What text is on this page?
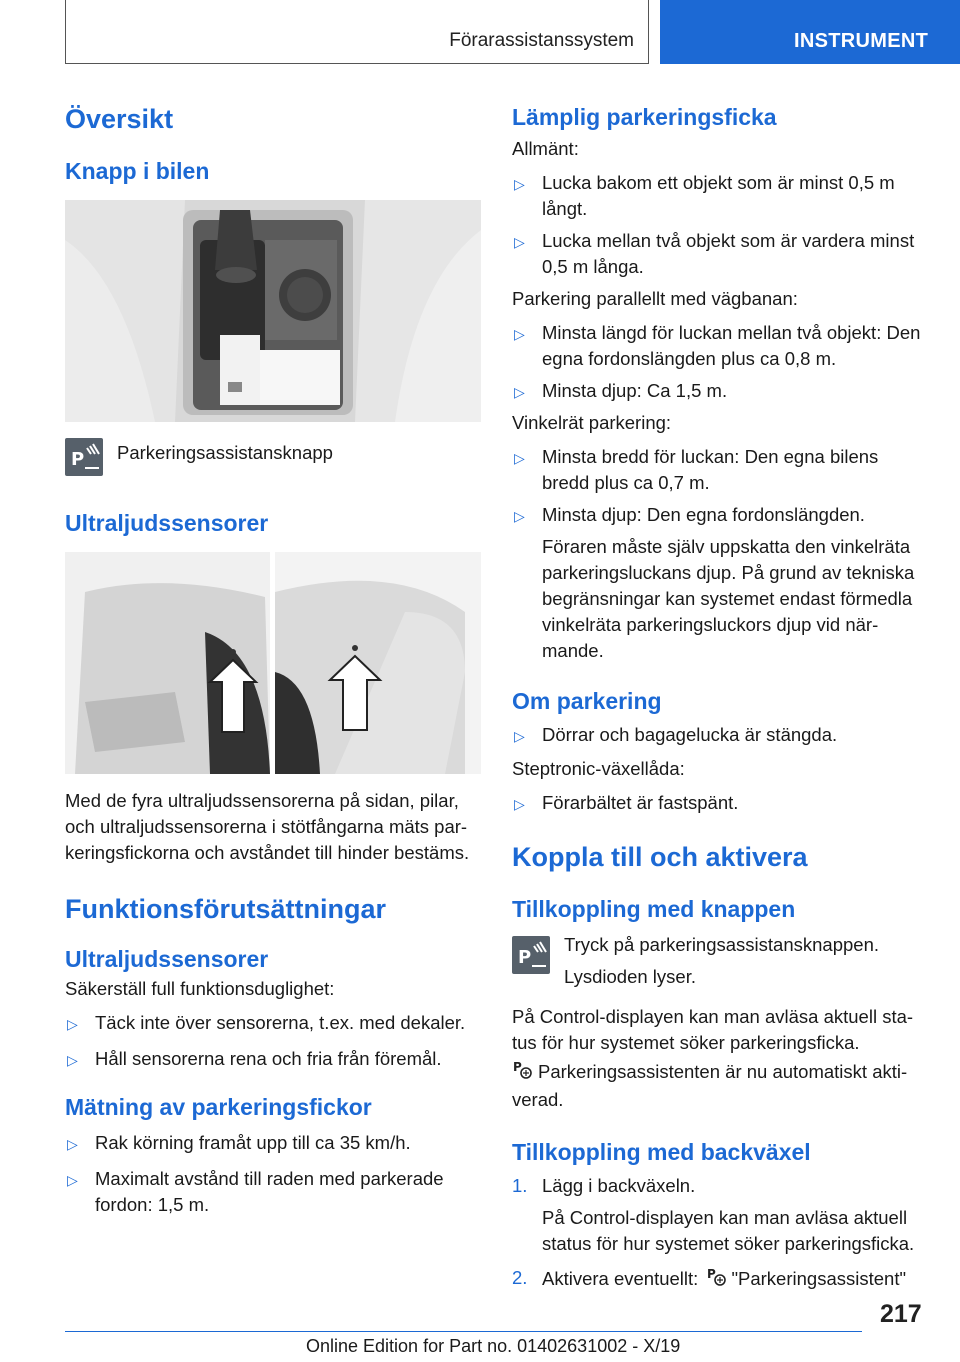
Förarassistanssystem	INSTRUMENT
Översikt
Knapp i bilen
P	Parkeringsassistansknapp
Ultraljudssensorer
Med de fyra ultraljudssensorerna på sidan, pilar, och ultraljudssensorerna i stötfångarna mäts parkeringsfickorna och avståndet till hinder bestäms.
Funktionsförutsättningar
Ultraljudssensorer
Säkerställ full funktionsduglighet:
▷ Täck inte över sensorerna, t.ex. med dekaler.
▷ Håll sensorerna rena och fria från föremål.
Mätning av parkeringsfickor
▷ Rak körning framåt upp till ca 35 km/h.
▷ Maximalt avstånd till raden med parkerade fordon: 1,5 m.
Lämplig parkeringsficka
Allmänt:
▷ Lucka bakom ett objekt som är minst 0,5 m långt.
▷ Lucka mellan två objekt som är vardera minst 0,5 m långa.
Parkering parallellt med vägbanan:
▷ Minsta längd för luckan mellan två objekt: Den egna fordonslängden plus ca 0,8 m.
▷ Minsta djup: Ca 1,5 m.
Vinkelrät parkering:
▷ Minsta bredd för luckan: Den egna bilens bredd plus ca 0,7 m.
▷ Minsta djup: Den egna fordonslängden.
Föraren måste själv uppskatta den vinkelräta parkeringsluckans djup. På grund av tekniska begränsningar kan systemet endast förmedla vinkelräta parkeringsluckors djup vid närmande.
Om parkering
▷ Dörrar och bagagelucka är stängda.
Steptronic-växellåda:
▷ Förarbältet är fastspänt.
Koppla till och aktivera
Tillkoppling med knappen
P
Tryck på parkeringsassistansknappen.
Lysdioden lyser.
På Control-displayen kan man avläsa aktuell status för hur systemet söker parkeringsficka.
P Parkeringsassistenten är nu automatiskt aktiverad.
Tillkoppling med backväxel
1. Lägg i backväxeln.
På Control-displayen kan man avläsa aktuell status för hur systemet söker parkeringsficka.
2. Aktivera eventuellt: P "Parkeringsassistent"
217
Online Edition for Part no. 01402631002 - X/19
